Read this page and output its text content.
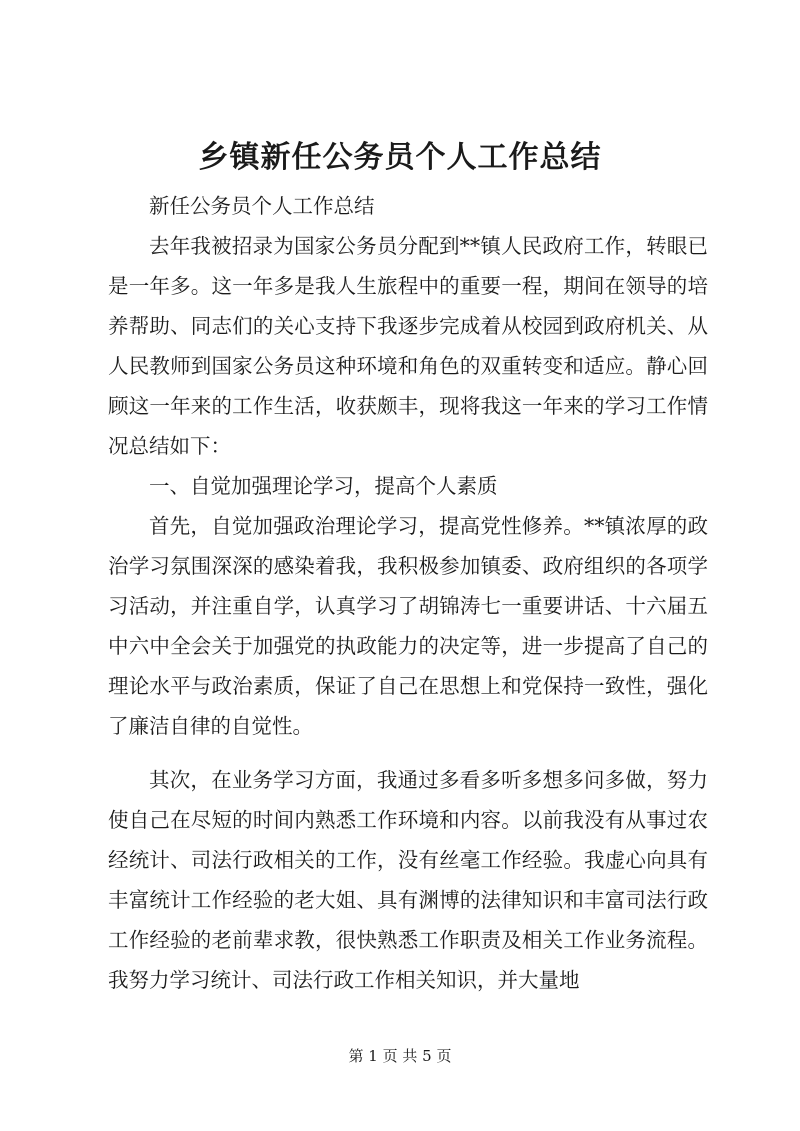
乡镇新任公务员个人工作总结

新任公务员个人工作总结

去年我被招录为国家公务员分配到**镇人民政府工作，转眼已是一年多。这一年多是我人生旅程中的重要一程，期间在领导的培养帮助、同志们的关心支持下我逐步完成着从校园到政府机关、从人民教师到国家公务员这种环境和角色的双重转变和适应。静心回顾这一年来的工作生活，收获颇丰，现将我这一年来的学习工作情况总结如下：

一、自觉加强理论学习，提高个人素质

首先，自觉加强政治理论学习，提高党性修养。**镇浓厚的政治学习氛围深深的感染着我，我积极参加镇委、政府组织的各项学习活动，并注重自学，认真学习了胡锦涛七一重要讲话、十六届五中六中全会关于加强党的执政能力的决定等，进一步提高了自己的理论水平与政治素质，保证了自己在思想上和党保持一致性，强化了廉洁自律的自觉性。

其次，在业务学习方面，我通过多看多听多想多问多做，努力使自己在尽短的时间内熟悉工作环境和内容。以前我没有从事过农经统计、司法行政相关的工作，没有丝毫工作经验。我虚心向具有丰富统计工作经验的老大姐、具有渊博的法律知识和丰富司法行政工作经验的老前辈求教，很快熟悉工作职责及相关工作业务流程。我努力学习统计、司法行政工作相关知识，并大量地

第 1 页 共 5 页
